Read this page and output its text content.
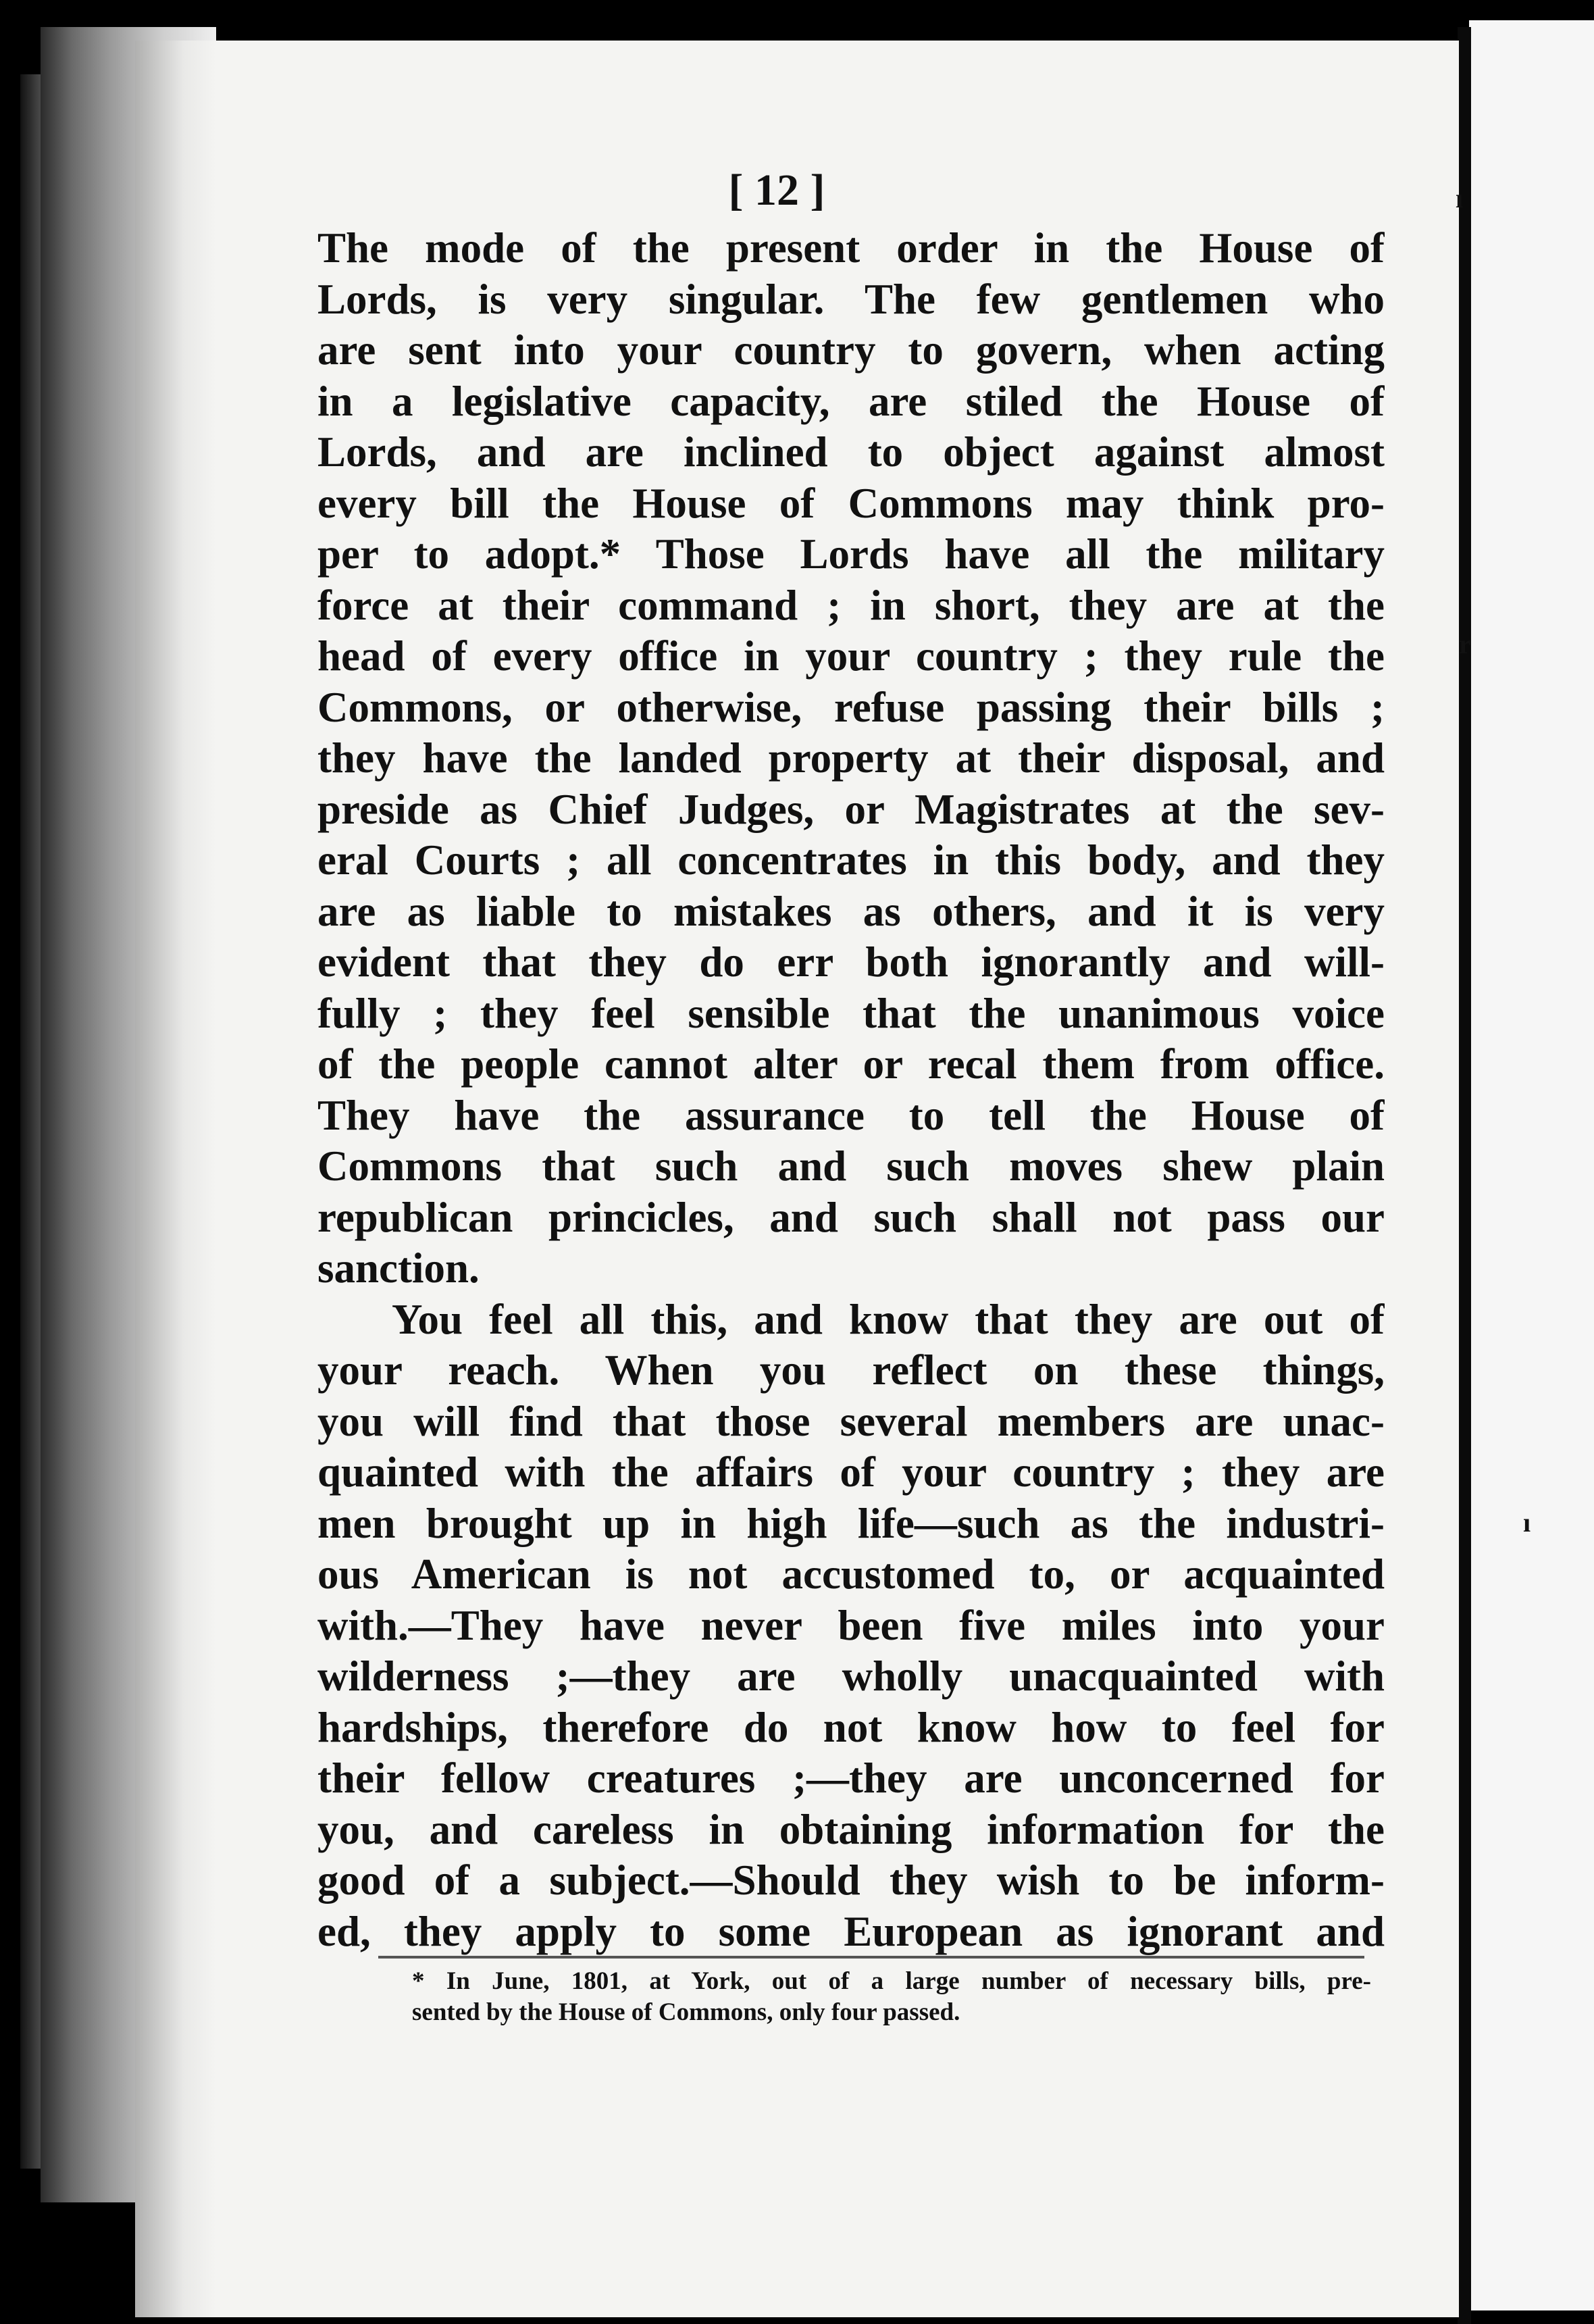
[ 12 ]
The mode of the present order in the House of
Lords, is very singular. The few gentlemen who
are sent into your country to govern, when acting
in a legislative capacity, are stiled the House of
Lords, and are inclined to object against almost
every bill the House of Commons may think pro-
per to adopt.* Those Lords have all the military
force at their command ; in short, they are at the
head of every office in your country ; they rule the
Commons, or otherwise, refuse passing their bills ;
they have the landed property at their disposal, and
preside as Chief Judges, or Magistrates at the sev-
eral Courts ; all concentrates in this body, and they
are as liable to mistakes as others, and it is very
evident that they do err both ignorantly and will-
fully ; they feel sensible that the unanimous voice
of the people cannot alter or recal them from office.
They have the assurance to tell the House of
Commons that such and such moves shew plain
republican princicles, and such shall not pass our
sanction.
You feel all this, and know that they are out of
your reach. When you reflect on these things,
you will find that those several members are unac-
quainted with the affairs of your country ; they are
men brought up in high life—such as the industri-
ous American is not accustomed to, or acquainted
with.—They have never been five miles into your
wilderness ;—they are wholly unacquainted with
hardships, therefore do not know how to feel for
their fellow creatures ;—they are unconcerned for
you, and careless in obtaining information for the
good of a subject.—Should they wish to be inform-
ed, they apply to some European as ignorant and
* In June, 1801, at York, out of a large number of necessary bills, pre-
sented by the House of Commons, only four passed.
ı
r
ı
